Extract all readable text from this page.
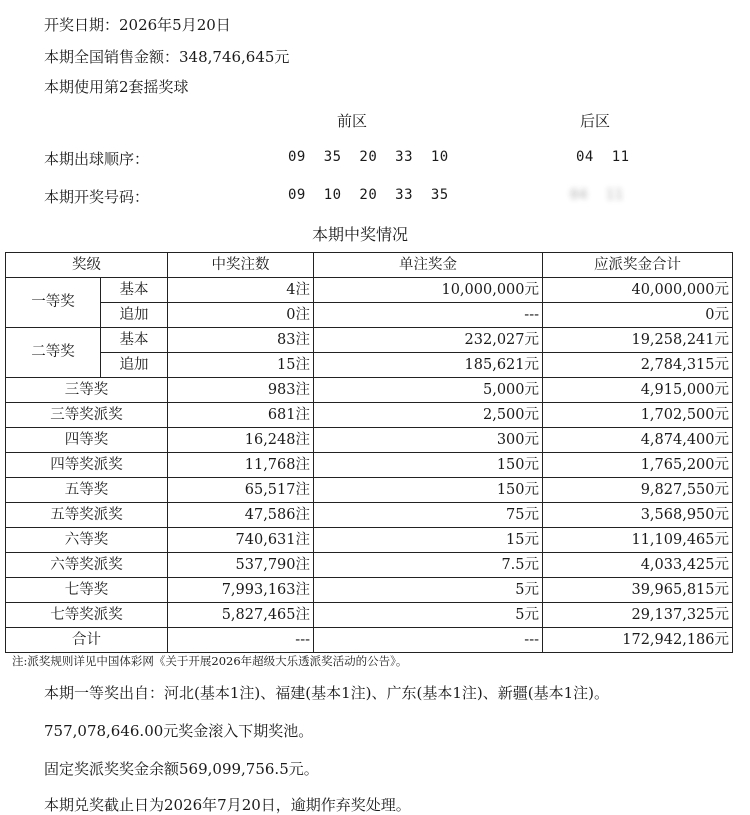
开奖日期：2026年5月20日
本期全国销售金额：348,746,645元
本期使用第2套摇奖球
前区	后区
本期出球顺序：	09  35  20  33  10	04  11
本期开奖号码：	09  10  20  33  35	04  11
本期中奖情况
奖级		中奖注数	单注奖金	应派奖金合计
一等奖	基本	4注	10,000,000元	40,000,000元
	追加	0注	---	0元
二等奖	基本	83注	232,027元	19,258,241元
	追加	15注	185,621元	2,784,315元
三等奖		983注	5,000元	4,915,000元
三等奖派奖		681注	2,500元	1,702,500元
四等奖		16,248注	300元	4,874,400元
四等奖派奖		11,768注	150元	1,765,200元
五等奖		65,517注	150元	9,827,550元
五等奖派奖		47,586注	75元	3,568,950元
六等奖		740,631注	15元	11,109,465元
六等奖派奖		537,790注	7.5元	4,033,425元
七等奖		7,993,163注	5元	39,965,815元
七等奖派奖		5,827,465注	5元	29,137,325元
合计		---	---	172,942,186元
注:派奖规则详见中国体彩网《关于开展2026年超级大乐透派奖活动的公告》。
本期一等奖出自：河北(基本1注)、福建(基本1注)、广东(基本1注)、新疆(基本1注)。
757,078,646.00元奖金滚入下期奖池。
固定奖派奖奖金余额569,099,756.5元。
本期兑奖截止日为2026年7月20日，逾期作弃奖处理。
